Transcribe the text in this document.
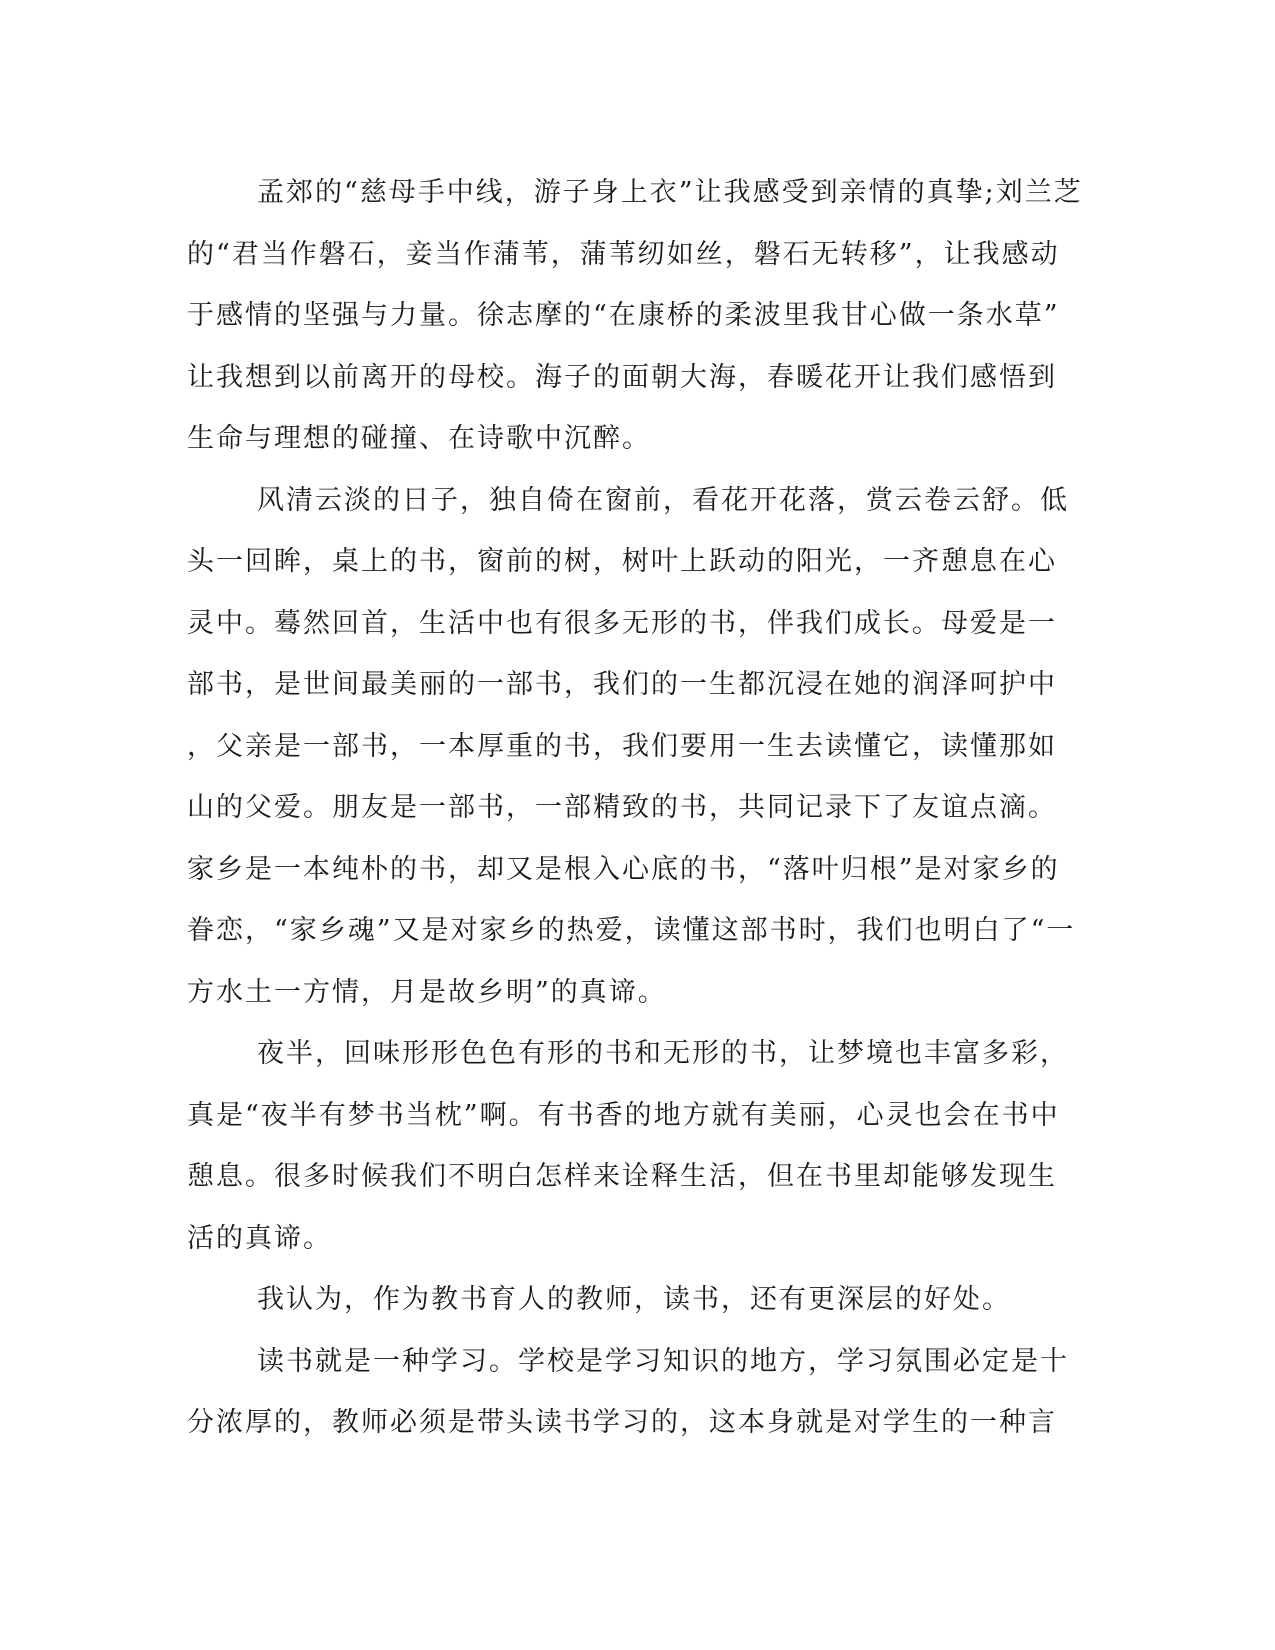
孟郊的“慈母手中线，游子身上衣”让我感受到亲情的真挚;刘兰芝
的“君当作磐石，妾当作蒲苇，蒲苇纫如丝，磐石无转移”，让我感动
于感情的坚强与力量。徐志摩的“在康桥的柔波里我甘心做一条水草”
让我想到以前离开的母校。海子的面朝大海，春暖花开让我们感悟到
生命与理想的碰撞、在诗歌中沉醉。
风清云淡的日子，独自倚在窗前，看花开花落，赏云卷云舒。低
头一回眸，桌上的书，窗前的树，树叶上跃动的阳光，一齐憩息在心
灵中。蓦然回首，生活中也有很多无形的书，伴我们成长。母爱是一
部书，是世间最美丽的一部书，我们的一生都沉浸在她的润泽呵护中
，父亲是一部书，一本厚重的书，我们要用一生去读懂它，读懂那如
山的父爱。朋友是一部书，一部精致的书，共同记录下了友谊点滴。
家乡是一本纯朴的书，却又是根入心底的书，“落叶归根”是对家乡的
眷恋，“家乡魂”又是对家乡的热爱，读懂这部书时，我们也明白了“一
方水土一方情，月是故乡明”的真谛。
夜半，回味形形色色有形的书和无形的书，让梦境也丰富多彩，
真是“夜半有梦书当枕”啊。有书香的地方就有美丽，心灵也会在书中
憩息。很多时候我们不明白怎样来诠释生活，但在书里却能够发现生
活的真谛。
我认为，作为教书育人的教师，读书，还有更深层的好处。
读书就是一种学习。学校是学习知识的地方，学习氛围必定是十
分浓厚的，教师必须是带头读书学习的，这本身就是对学生的一种言
